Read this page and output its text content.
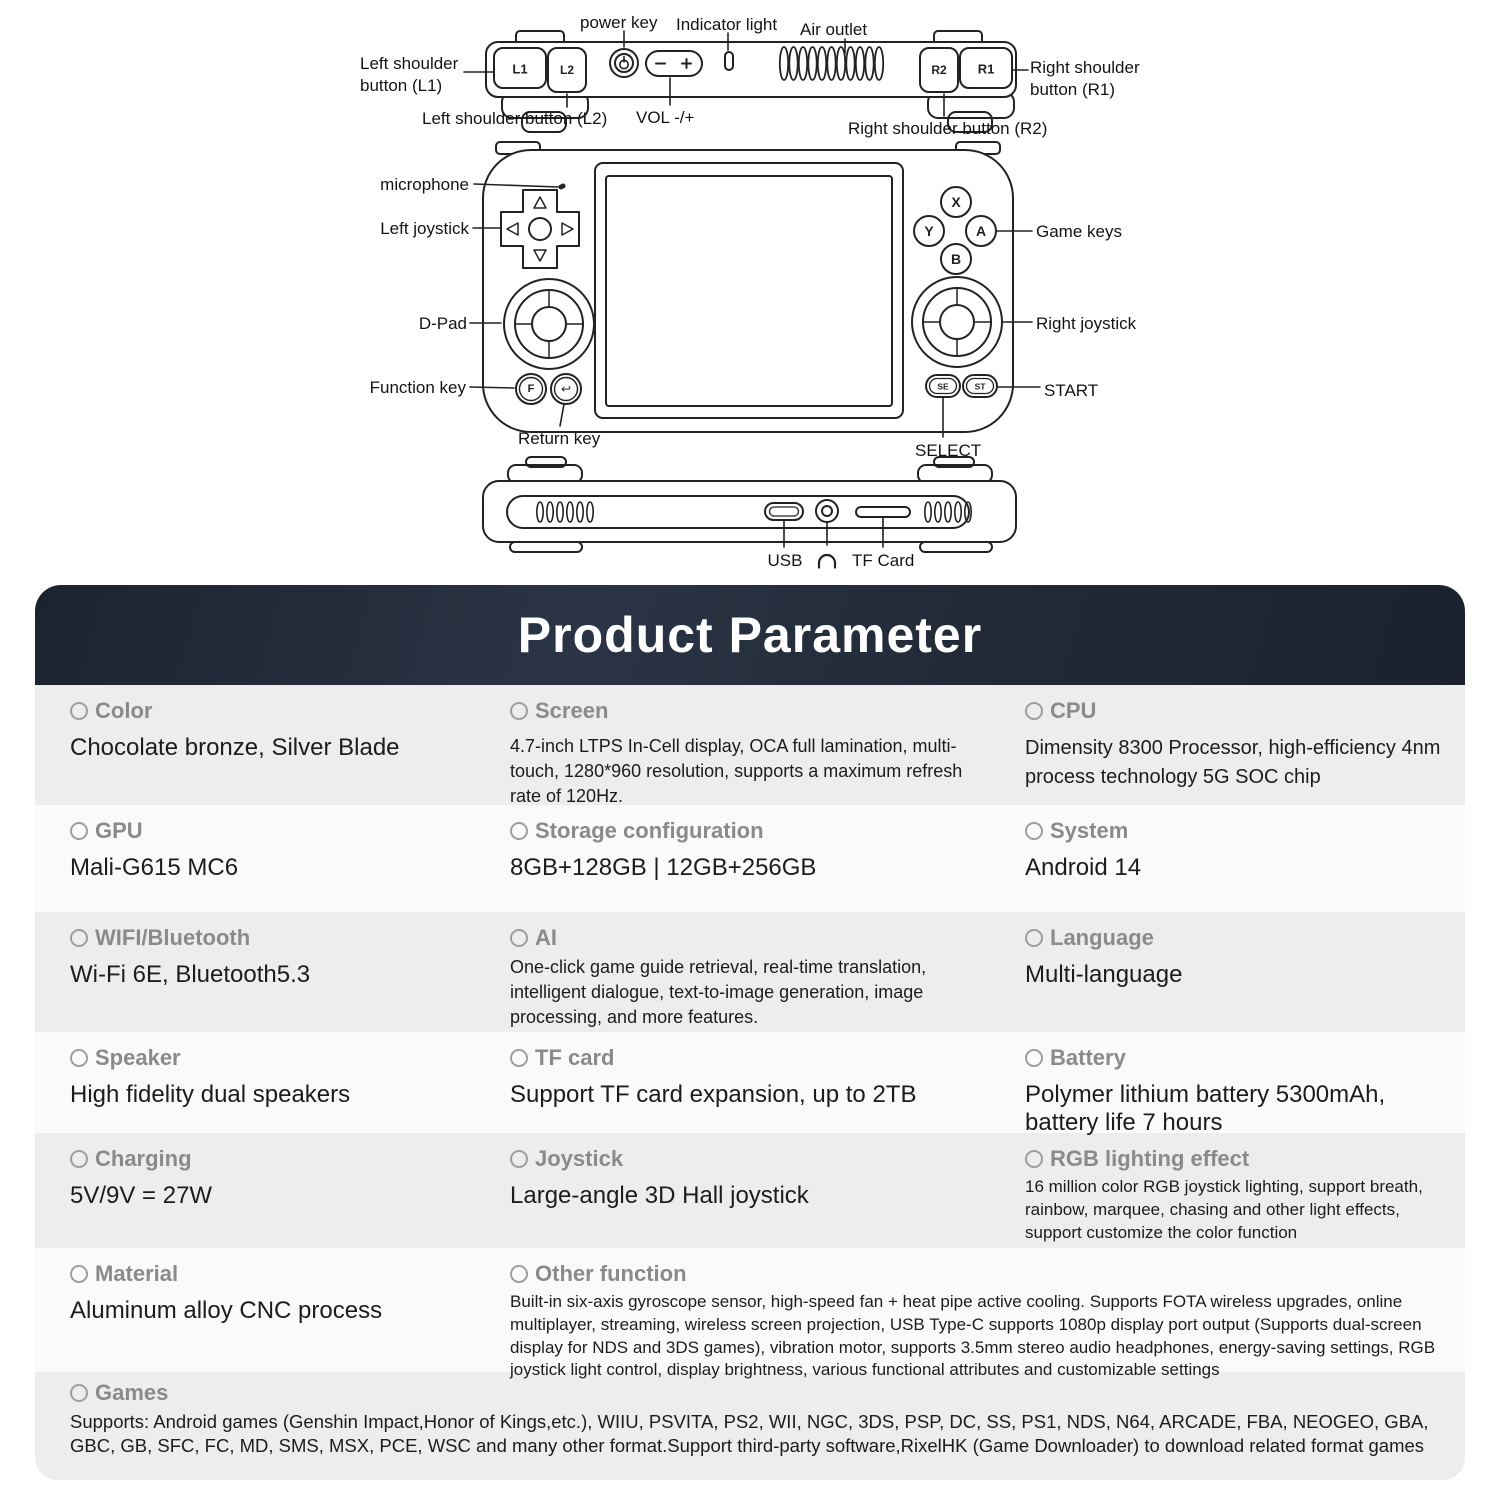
L1	L2	R2 R1
X
Y	A
B
SE	ST
F ↩
power key Indicator light Air outlet
Left shoulder button (L1)
Left shoulder button (L2) VOL -/+
Right shoulder button (R2)
Right shoulder button (R1)
microphone
Left joystick
D-Pad
Function key
Return key
Game keys
Right joystick
START
SELECT
USB	TF Card
Product Parameter
Color
Chocolate bronze, Silver Blade
Screen
4.7-inch LTPS In-Cell display, OCA full lamination, multi-touch, 1280*960 resolution, supports a maximum refresh rate of 120Hz.
CPU
Dimensity 8300 Processor, high-efficiency 4nm process technology 5G SOC chip
GPU
Mali-G615 MC6
Storage configuration
8GB+128GB | 12GB+256GB
System
Android 14
WIFI/Bluetooth
Wi-Fi 6E, Bluetooth5.3
AI
One-click game guide retrieval, real-time translation, intelligent dialogue, text-to-image generation, image processing, and more features.
Language
Multi-language
Speaker
High fidelity dual speakers
TF card
Support TF card expansion, up to 2TB
Battery
Polymer lithium battery 5300mAh, battery life 7 hours
Charging
5V/9V = 27W
Joystick
Large-angle 3D Hall joystick
RGB lighting effect
16 million color RGB joystick lighting, support breath, rainbow, marquee, chasing and other light effects, support customize the color function
Material
Aluminum alloy CNC process
Other function
Built-in six-axis gyroscope sensor, high-speed fan + heat pipe active cooling. Supports FOTA wireless upgrades, online multiplayer, streaming, wireless screen projection, USB Type-C supports 1080p display port output (Supports dual-screen display for NDS and 3DS games), vibration motor, supports 3.5mm stereo audio headphones, energy-saving settings, RGB joystick light control, display brightness, various functional attributes and customizable settings
Games
Supports: Android games (Genshin Impact,Honor of Kings,etc.), WIIU, PSVITA, PS2, WII, NGC, 3DS, PSP, DC, SS, PS1, NDS, N64, ARCADE, FBA, NEOGEO, GBA, GBC, GB, SFC, FC, MD, SMS, MSX, PCE, WSC and many other format.Support third-party software,RixelHK (Game Downloader) to download related format games
